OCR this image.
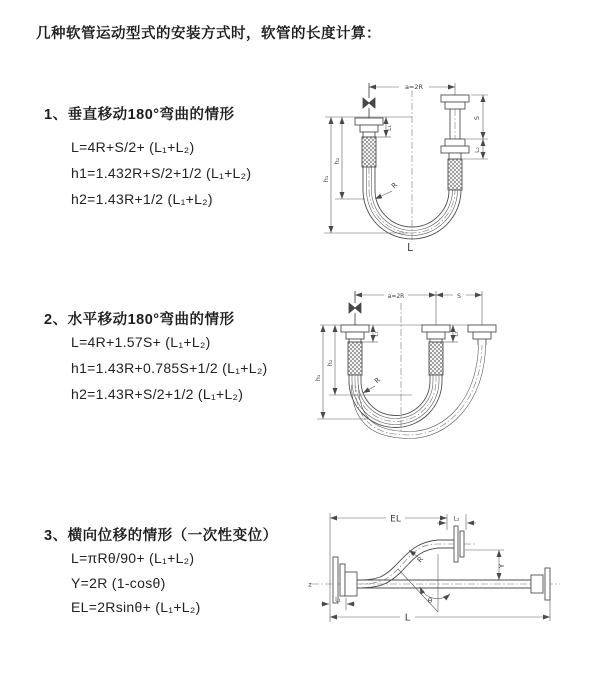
几种软管运动型式的安装方式时，软管的长度计算：
1、垂直移动180°弯曲的情形
L=4R+S/2+ (L₁+L₂)
h1=1.432R+S/2+1/2 (L₁+L₂)
h2=1.43R+1/2 (L₁+L₂)
2、水平移动180°弯曲的情形
L=4R+1.57S+ (L₁+L₂)
h1=1.43R+0.785S+1/2 (L₁+L₂)
h2=1.43R+S/2+1/2 (L₁+L₂)
3、横向位移的情形（一次性变位）
L=πRθ/90+ (L₁+L₂)
Y=2R (1-cosθ)
EL=2Rsinθ+ (L₁+L₂)
a=2R
h₁
h₂
L₁
S
L₂
R
L
a=2R	S
h₁
h₂
L₁	L₂
R
EL	L₂
Y
R
θ
L₁
L
z
